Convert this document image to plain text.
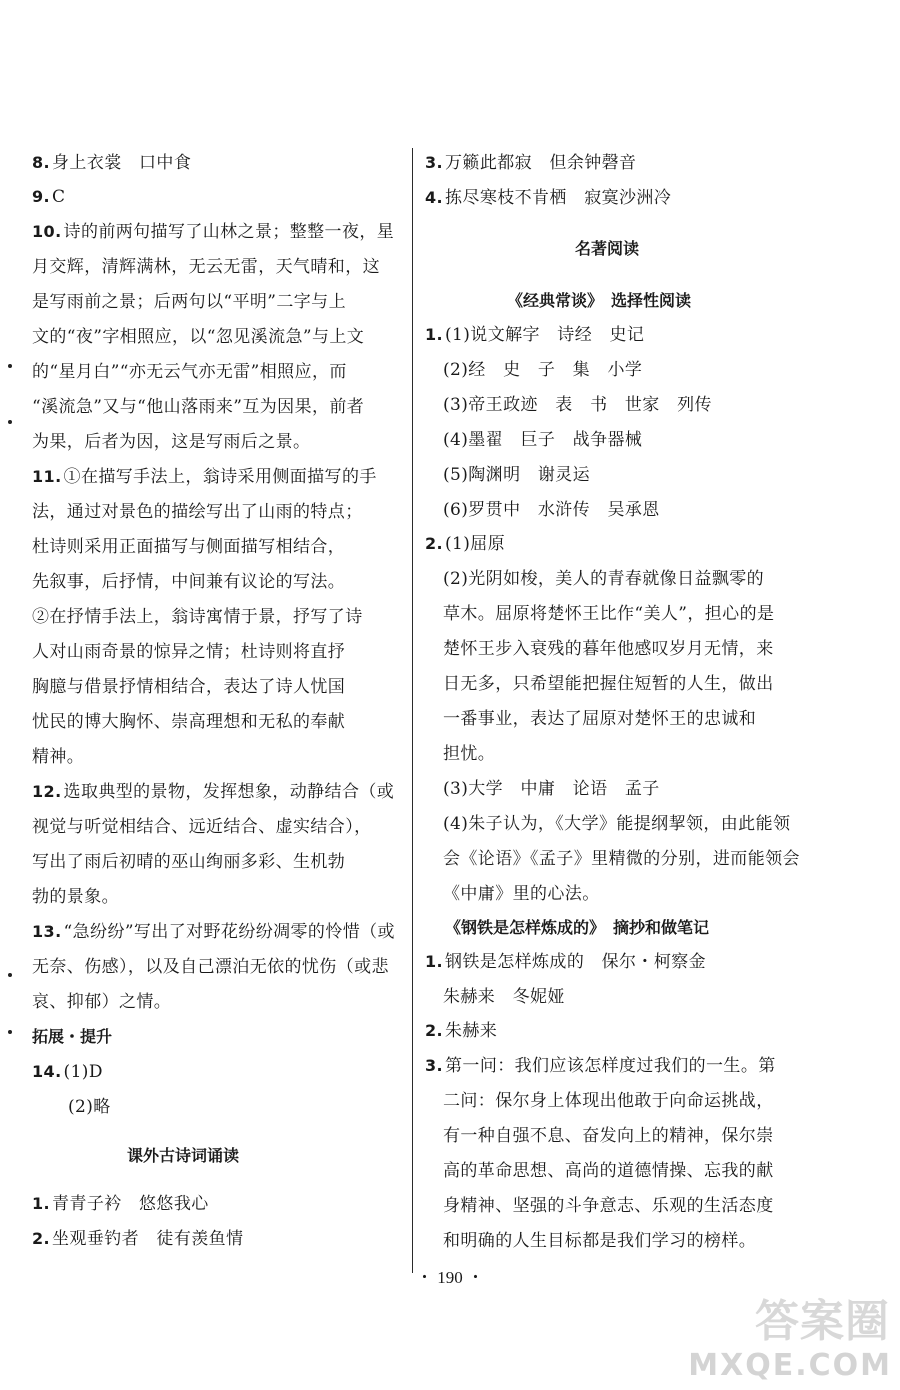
8. 身上衣裳　口中食
9. C
10. 诗的前两句描写了山林之景；整整一夜，星
月交辉，清辉满林，无云无雷，天气晴和，这
是写雨前之景；后两句以“平明”二字与上
文的“夜”字相照应，以“忽见溪流急”与上文
的“星月白”“亦无云气亦无雷”相照应，而
“溪流急”又与“他山落雨来”互为因果，前者
为果，后者为因，这是写雨后之景。
11. ①在描写手法上，翁诗采用侧面描写的手
法，通过对景色的描绘写出了山雨的特点；
杜诗则采用正面描写与侧面描写相结合，
先叙事，后抒情，中间兼有议论的写法。
②在抒情手法上，翁诗寓情于景，抒写了诗
人对山雨奇景的惊异之情；杜诗则将直抒
胸臆与借景抒情相结合，表达了诗人忧国
忧民的博大胸怀、崇高理想和无私的奉献
精神。
12. 选取典型的景物，发挥想象，动静结合（或
视觉与听觉相结合、远近结合、虚实结合），
写出了雨后初晴的巫山绚丽多彩、生机勃
勃的景象。
13. “急纷纷”写出了对野花纷纷凋零的怜惜（或
无奈、伤感），以及自己漂泊无依的忧伤（或悲
哀、抑郁）之情。
拓展・提升
14. (1)D
(2)略
课外古诗词诵读
1. 青青子衿　悠悠我心
2. 坐观垂钓者　徒有羡鱼情
3. 万籁此都寂　但余钟磬音
4. 拣尽寒枝不肯栖　寂寞沙洲冷
名著阅读
《经典常谈》　选择性阅读
1. (1)说文解字　诗经　史记
(2)经　史　子　集　小学
(3)帝王政迹　表　书　世家　列传
(4)墨翟　巨子　战争器械
(5)陶渊明　谢灵运
(6)罗贯中　水浒传　吴承恩
2. (1)屈原
(2)光阴如梭，美人的青春就像日益飘零的
草木。屈原将楚怀王比作“美人”，担心的是
楚怀王步入衰残的暮年他感叹岁月无情，来
日无多，只希望能把握住短暂的人生，做出
一番事业，表达了屈原对楚怀王的忠诚和
担忧。
(3)大学　中庸　论语　孟子
(4)朱子认为，《大学》能提纲挈领，由此能领
会《论语》《孟子》里精微的分别，进而能领会
《中庸》里的心法。
《钢铁是怎样炼成的》　摘抄和做笔记
1. 钢铁是怎样炼成的　保尔・柯察金
朱赫来　冬妮娅
2. 朱赫来
3. 第一问：我们应该怎样度过我们的一生。第
二问：保尔身上体现出他敢于向命运挑战，
有一种自强不息、奋发向上的精神，保尔崇
高的革命思想、高尚的道德情操、忘我的献
身精神、坚强的斗争意志、乐观的生活态度
和明确的人生目标都是我们学习的榜样。
・ 190 ・
答案圈
MXQE.COM
